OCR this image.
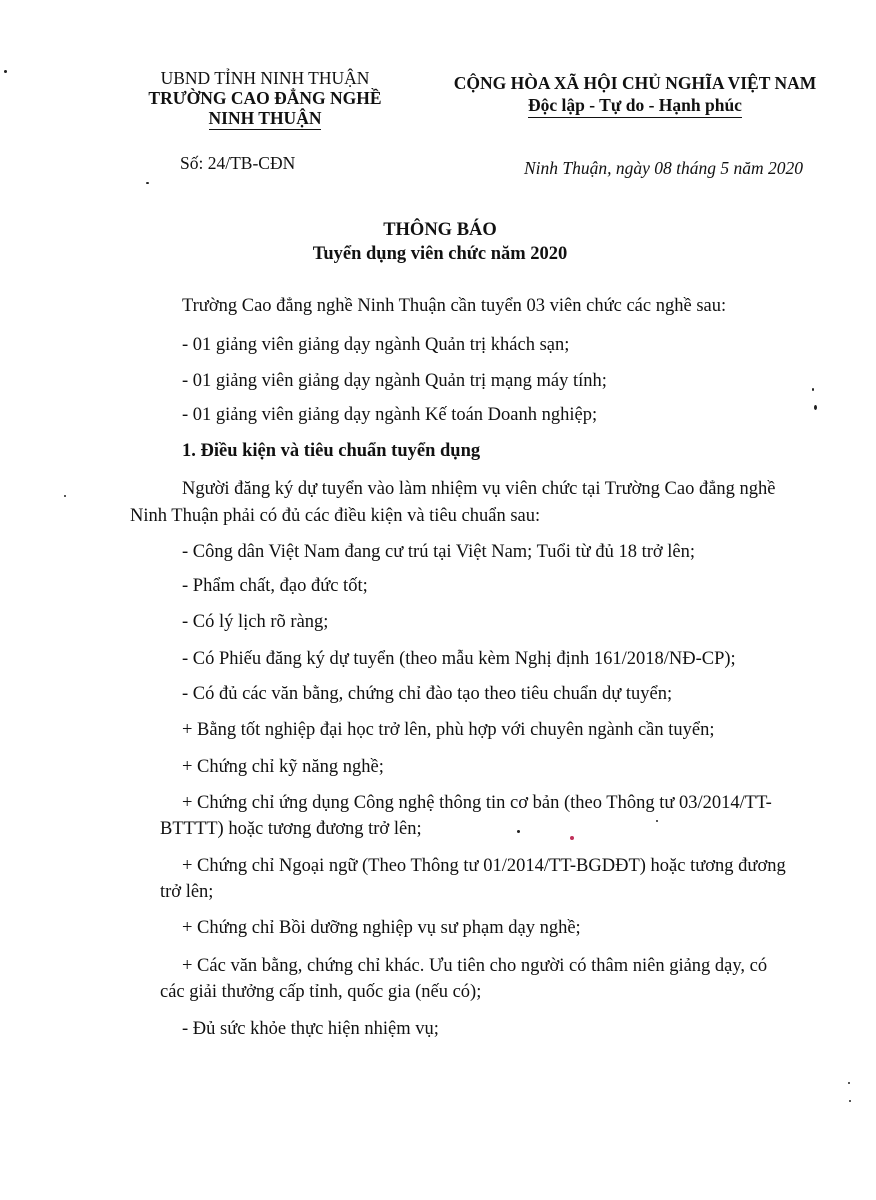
UBND TỈNH NINH THUẬN
TRƯỜNG CAO ĐẲNG NGHỀ
NINH THUẬN
Số: 24/TB-CĐN
CỘNG HÒA XÃ HỘI CHỦ NGHĨA VIỆT NAM
Độc lập - Tự do - Hạnh phúc
Ninh Thuận, ngày 08 tháng 5 năm 2020
THÔNG BÁO
Tuyển dụng viên chức năm 2020
Trường Cao đẳng nghề Ninh Thuận cần tuyển 03 viên chức các nghề sau:
- 01 giảng viên giảng dạy ngành Quản trị khách sạn;
- 01 giảng viên giảng dạy ngành Quản trị mạng máy tính;
- 01 giảng viên giảng dạy ngành Kế toán Doanh nghiệp;
1. Điều kiện và tiêu chuẩn tuyển dụng
Người đăng ký dự tuyển vào làm nhiệm vụ viên chức tại Trường Cao đẳng nghề
Ninh Thuận phải có đủ các điều kiện và tiêu chuẩn sau:
- Công dân Việt Nam đang cư trú tại Việt Nam; Tuổi từ đủ 18 trở lên;
- Phẩm chất, đạo đức tốt;
- Có lý lịch rõ ràng;
- Có Phiếu đăng ký dự tuyển (theo mẫu kèm Nghị định 161/2018/NĐ-CP);
- Có đủ các văn bằng, chứng chỉ đào tạo theo tiêu chuẩn dự tuyển;
+ Bằng tốt nghiệp đại học trở lên, phù hợp với chuyên ngành cần tuyển;
+ Chứng chỉ kỹ năng nghề;
+ Chứng chỉ ứng dụng Công nghệ thông tin cơ bản (theo Thông tư 03/2014/TT-
BTTTT) hoặc tương đương trở lên;
+ Chứng chỉ Ngoại ngữ (Theo Thông tư 01/2014/TT-BGDĐT) hoặc tương đương
trở lên;
+ Chứng chỉ Bồi dưỡng nghiệp vụ sư phạm dạy nghề;
+ Các văn bằng, chứng chỉ khác. Ưu tiên cho người có thâm niên giảng dạy, có
các giải thưởng cấp tỉnh, quốc gia (nếu có);
- Đủ sức khỏe thực hiện nhiệm vụ;
